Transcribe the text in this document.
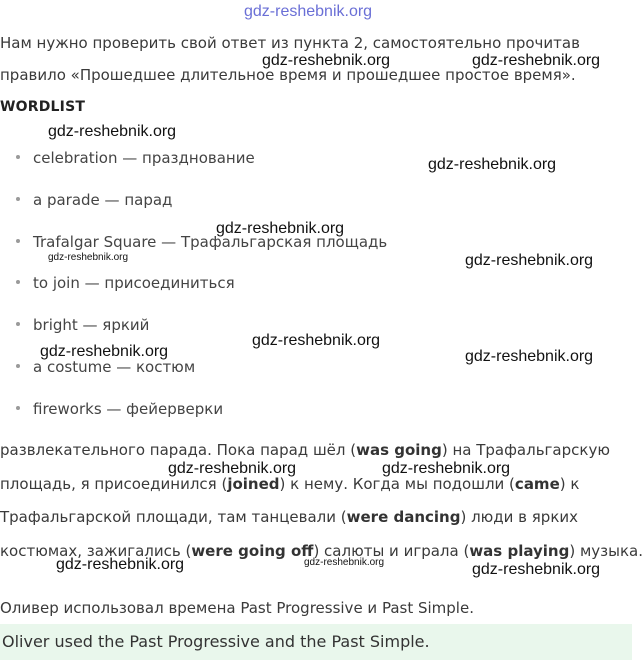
gdz-reshebnik.org
Нам нужно проверить свой ответ из пункта 2, самостоятельно прочитав
правило «Прошедшее длительное время и прошедшее простое время».
WORDLIST
celebration — празднование
a parade — парад
Trafalgar Square — Трафальгарская площадь
to join — присоединиться
bright — яркий
a costume — костюм
fireworks — фейерверки
развлекательного парада. Пока парад шёл (was going) на Трафальгарскую
площадь, я присоединился (joined) к нему. Когда мы подошли (came) к
Трафальгарской площади, там танцевали (were dancing) люди в ярких
костюмах, зажигались (were going off) салюты и играла (was playing) музыка.
Оливер использовал времена Past Progressive и Past Simple.
Oliver used the Past Progressive and the Past Simple.
gdz-reshebnik.org	gdz-reshebnik.org
gdz-reshebnik.org
gdz-reshebnik.org
gdz-reshebnik.org
gdz-reshebnik.org	gdz-reshebnik.org
gdz-reshebnik.org
gdz-reshebnik.org	gdz-reshebnik.org
gdz-reshebnik.org	gdz-reshebnik.org
gdz-reshebnik.org	gdz-reshebnik.org	gdz-reshebnik.org
